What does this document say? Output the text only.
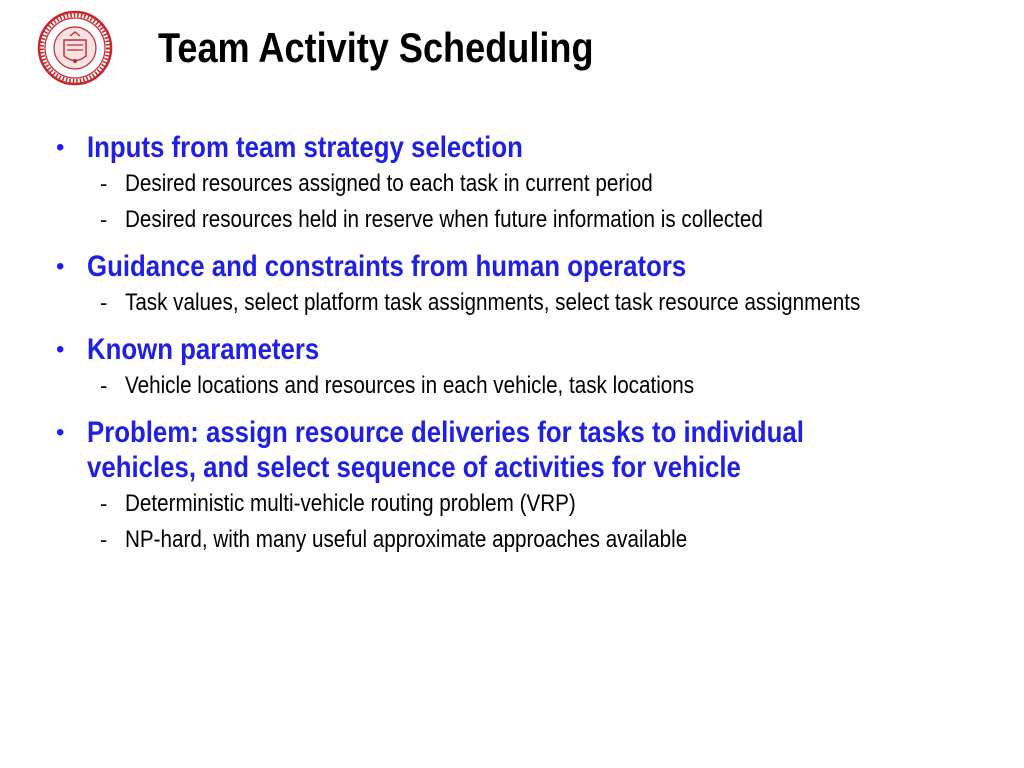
Team Activity Scheduling
• Inputs from team strategy selection
- Desired resources assigned to each task in current period
- Desired resources held in reserve when future information is collected
• Guidance and constraints from human operators
- Task values, select platform task assignments, select task resource assignments
• Known parameters
- Vehicle locations and resources in each vehicle, task locations
• Problem: assign resource deliveries for tasks to individual
vehicles, and select sequence of activities for vehicle
- Deterministic multi-vehicle routing problem (VRP)
- NP-hard, with many useful approximate approaches available
